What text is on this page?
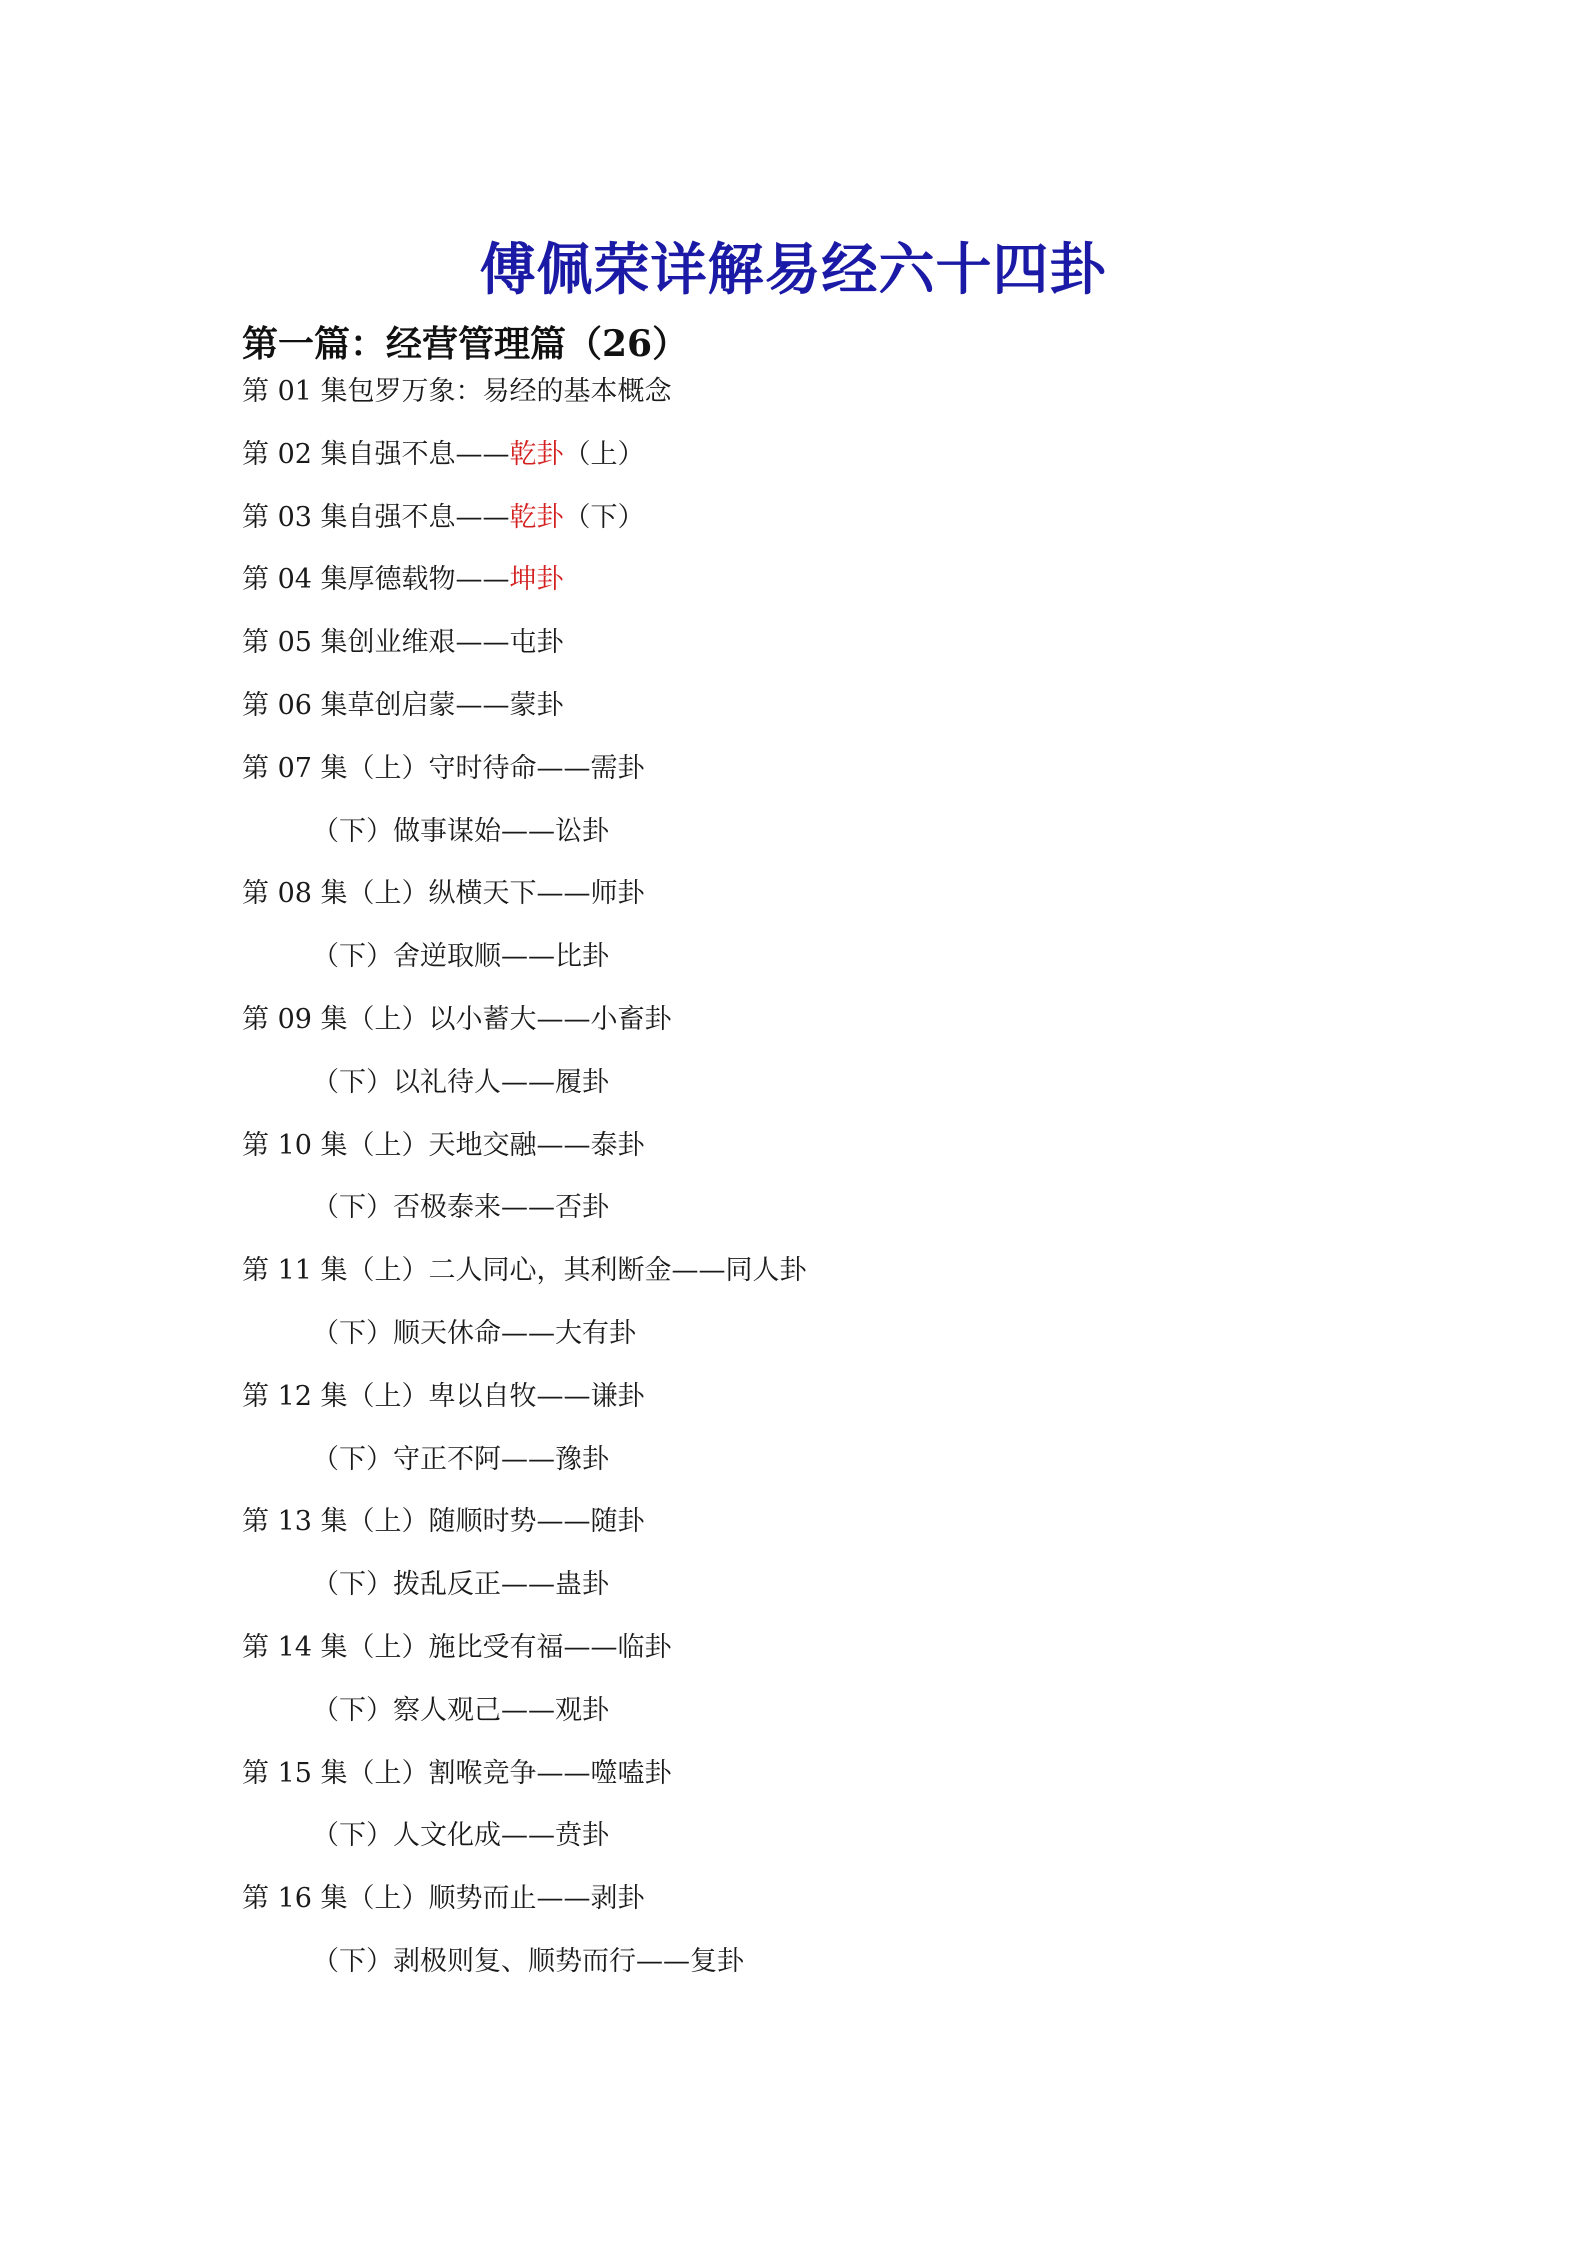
傅佩荣详解易经六十四卦
第一篇：经营管理篇（26）
第 01 集包罗万象：易经的基本概念
第 02 集自强不息——乾卦（上）
第 03 集自强不息——乾卦（下）
第 04 集厚德载物——坤卦
第 05 集创业维艰——屯卦
第 06 集草创启蒙——蒙卦
第 07 集（上）守时待命——需卦
（下）做事谋始——讼卦
第 08 集（上）纵横天下——师卦
（下）舍逆取顺——比卦
第 09 集（上）以小蓄大——小畜卦
（下）以礼待人——履卦
第 10 集（上）天地交融——泰卦
（下）否极泰来——否卦
第 11 集（上）二人同心，其利断金——同人卦
（下）顺天休命——大有卦
第 12 集（上）卑以自牧——谦卦
（下）守正不阿——豫卦
第 13 集（上）随顺时势——随卦
（下）拨乱反正——蛊卦
第 14 集（上）施比受有福——临卦
（下）察人观己——观卦
第 15 集（上）割喉竞争——噬嗑卦
（下）人文化成——贲卦
第 16 集（上）顺势而止——剥卦
（下）剥极则复、顺势而行——复卦
